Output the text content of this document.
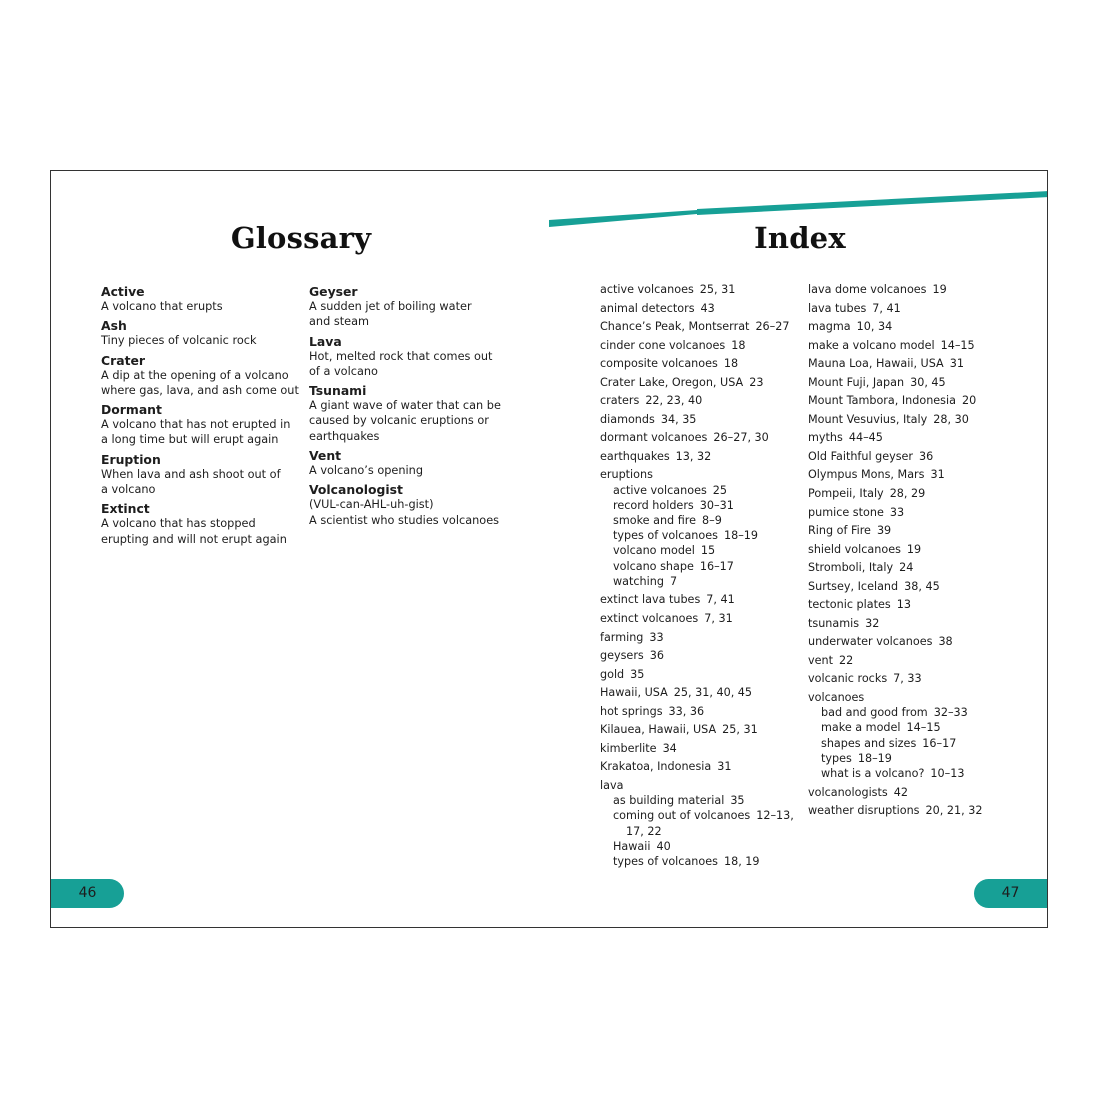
Glossary	Index
Active
A volcano that erupts
Ash
Tiny pieces of volcanic rock
Crater
A dip at the opening of a volcano
where gas, lava, and ash come out
Dormant
A volcano that has not erupted in
a long time but will erupt again
Eruption
When lava and ash shoot out of
a volcano
Extinct
A volcano that has stopped
erupting and will not erupt again
Geyser
A sudden jet of boiling water
and steam
Lava
Hot, melted rock that comes out
of a volcano
Tsunami
A giant wave of water that can be
caused by volcanic eruptions or
earthquakes
Vent
A volcano’s opening
Volcanologist
(VUL-can-AHL-uh-gist)
A scientist who studies volcanoes
active volcanoes 25, 31
animal detectors 43
Chance’s Peak, Montserrat 26–27
cinder cone volcanoes 18
composite volcanoes 18
Crater Lake, Oregon, USA 23
craters 22, 23, 40
diamonds 34, 35
dormant volcanoes 26–27, 30
earthquakes 13, 32
eruptions
active volcanoes 25
record holders 30–31
smoke and fire 8–9
types of volcanoes 18–19
volcano model 15
volcano shape 16–17
watching 7
extinct lava tubes 7, 41
extinct volcanoes 7, 31
farming 33
geysers 36
gold 35
Hawaii, USA 25, 31, 40, 45
hot springs 33, 36
Kilauea, Hawaii, USA 25, 31
kimberlite 34
Krakatoa, Indonesia 31
lava
as building material 35
coming out of volcanoes 12–13,
17, 22
Hawaii 40
types of volcanoes 18, 19
lava dome volcanoes 19
lava tubes 7, 41
magma 10, 34
make a volcano model 14–15
Mauna Loa, Hawaii, USA 31
Mount Fuji, Japan 30, 45
Mount Tambora, Indonesia 20
Mount Vesuvius, Italy 28, 30
myths 44–45
Old Faithful geyser 36
Olympus Mons, Mars 31
Pompeii, Italy 28, 29
pumice stone 33
Ring of Fire 39
shield volcanoes 19
Stromboli, Italy 24
Surtsey, Iceland 38, 45
tectonic plates 13
tsunamis 32
underwater volcanoes 38
vent 22
volcanic rocks 7, 33
volcanoes
bad and good from 32–33
make a model 14–15
shapes and sizes 16–17
types 18–19
what is a volcano? 10–13
volcanologists 42
weather disruptions 20, 21, 32
46	47
